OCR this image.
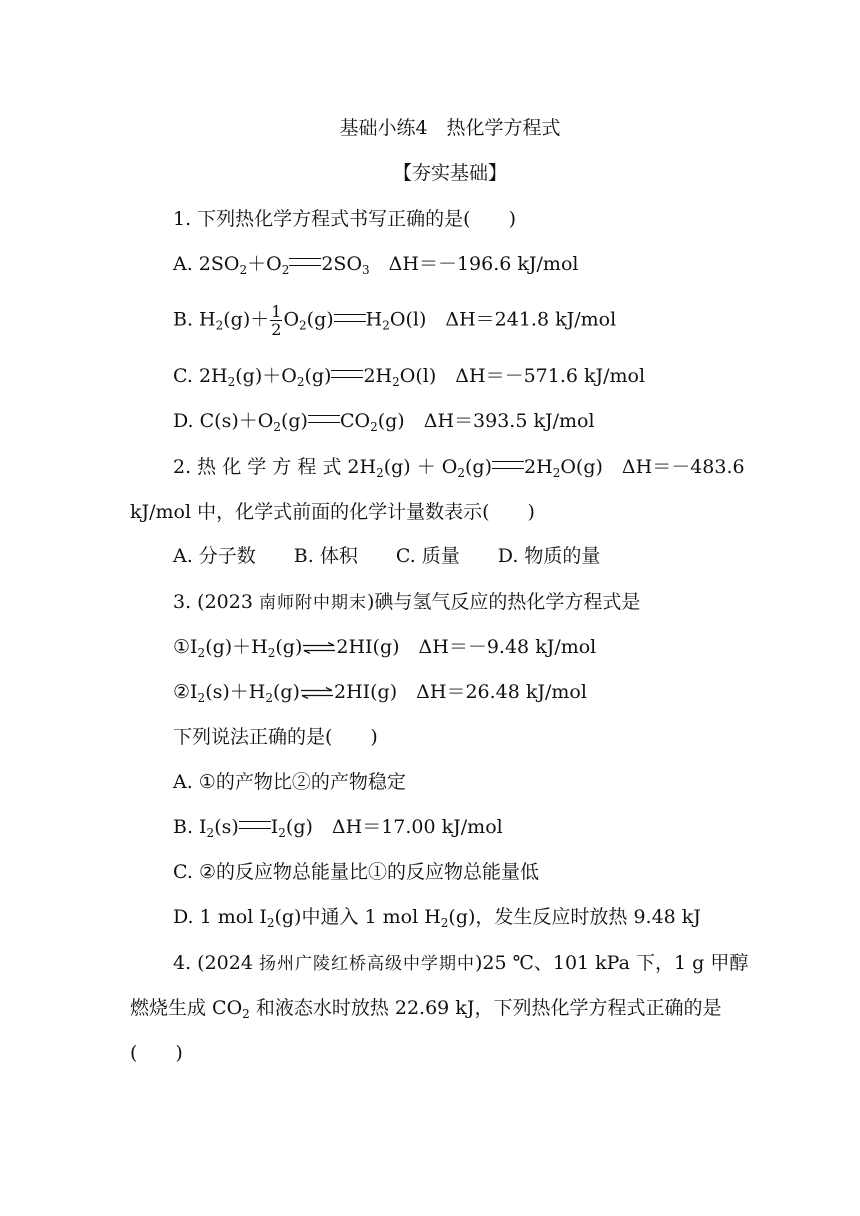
基础小练4　热化学方程式
【夯实基础】
1. 下列热化学方程式书写正确的是(　　)
A. $2SO_2+O_2$ $2SO_3$　ΔH＝－196.6 kJ/mol
B. $H_2(g)+ \frac{1}{2} O_2(g)$ $H_2O(l)$　ΔH＝241.8 kJ/mol
C. $2H_2(g)+O_2(g)$ $2H_2O(l)$　ΔH＝－571.6 kJ/mol
D. $C(s)+O_2(g)$ $CO_2(g)$　ΔH＝393.5 kJ/mol
2. 热 化 学 方 程 式 $2H_2(g) + O_2(g)$ $2H_2O(g)$　 ΔH＝－483.6
kJ/mol 中，化学式前面的化学计量数表示(　　)
A. 分子数　　B. 体积　　C. 质量　　D. 物质的量
3. (2023 南师附中期末)碘与氢气反应的热化学方程式是
$①I_2(g)+H_2(g)\rightleftharpoons 2HI(g)$　ΔH＝－9.48 kJ/mol
$②I_2(s)+H_2(g)\rightleftharpoons 2HI(g)$　ΔH＝26.48 kJ/mol
下列说法正确的是(　　)
A. ①的产物比②的产物稳定
B. $I_2(s)$ $I_2(g)$　ΔH＝17.00 kJ/mol
C. ②的反应物总能量比①的反应物总能量低
D. 1 mol $I_2(g)$中通入 1 mol $H_2(g)$，发生反应时放热 9.48 kJ
4. (2024 扬州广陵红桥高级中学期中)25 ℃、101 kPa 下，1 g 甲醇
燃烧生成 $CO_2$ 和液态水时放热 22.69 kJ，下列热化学方程式正确的是
(　　)
